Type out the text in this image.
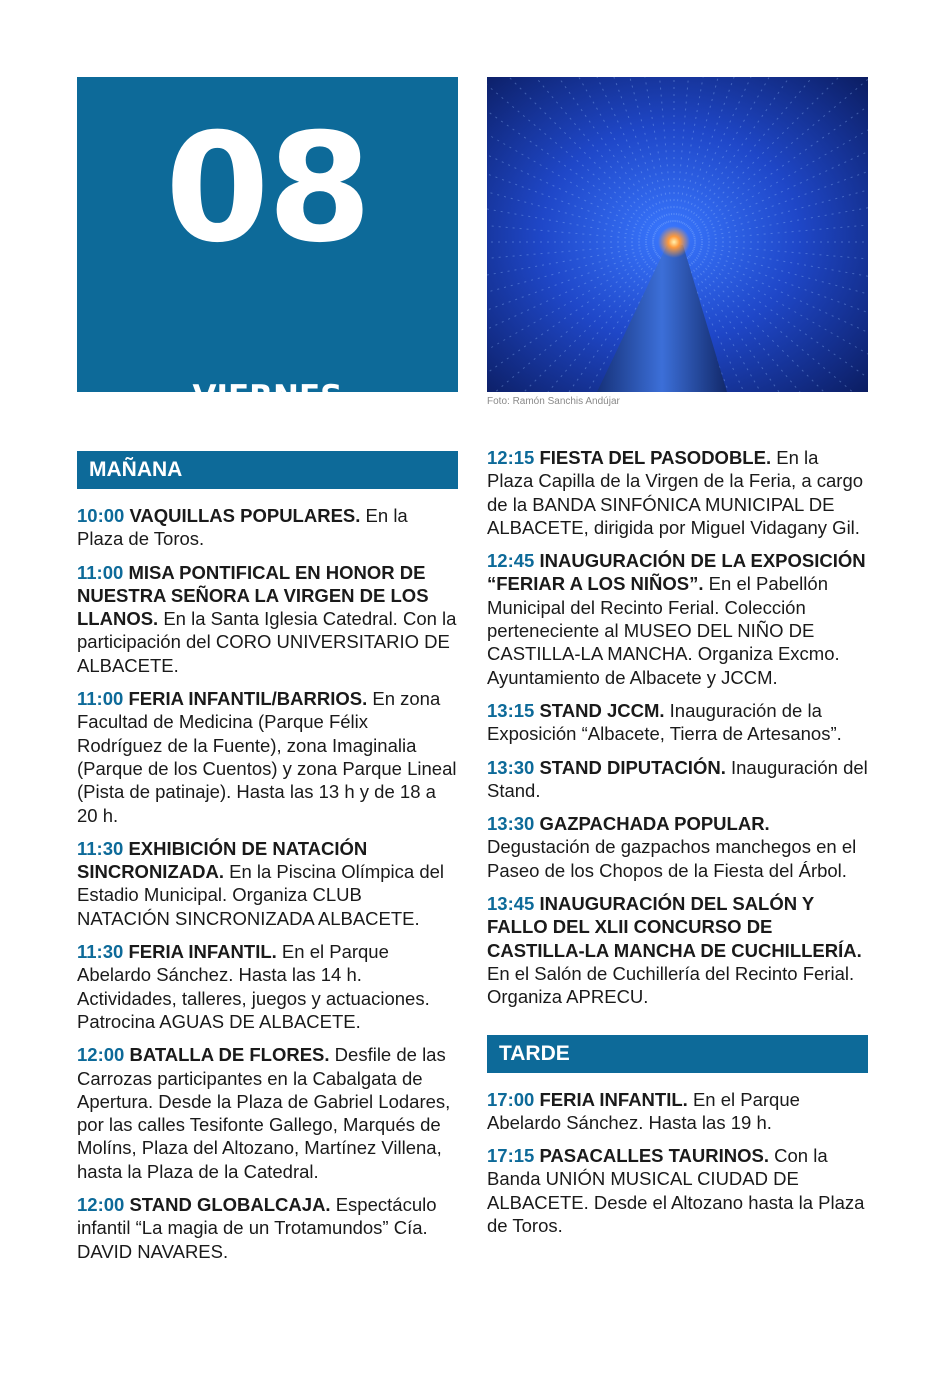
08
— VIERNES —	Foto: Ramón Sanchis Andújar
MAÑANA

10:00 VAQUILLAS POPULARES. En la Plaza de Toros.

11:00 MISA PONTIFICAL EN HONOR DE NUESTRA SEÑORA LA VIRGEN DE LOS LLANOS. En la Santa Iglesia Catedral. Con la participación del CORO UNIVERSITARIO DE ALBACETE.

11:00 FERIA INFANTIL/BARRIOS. En zona Facultad de Medicina (Parque Félix Rodríguez de la Fuente), zona Imaginalia (Parque de los Cuentos) y zona Parque Lineal (Pista de patinaje). Hasta las 13 h y de 18 a 20 h.

11:30 EXHIBICIÓN DE NATACIÓN SINCRONIZADA. En la Piscina Olímpica del Estadio Municipal. Organiza CLUB NATACIÓN SINCRONIZADA ALBACETE.

11:30 FERIA INFANTIL. En el Parque Abelardo Sánchez. Hasta las 14 h. Actividades, talleres, juegos y actuaciones. Patrocina AGUAS DE ALBACETE.

12:00 BATALLA DE FLORES. Desfile de las Carrozas participantes en la Cabalgata de Apertura. Desde la Plaza de Gabriel Lodares, por las calles Tesifonte Gallego, Marqués de Molíns, Plaza del Altozano, Martínez Villena, hasta la Plaza de la Catedral.

12:00 STAND GLOBALCAJA. Espectáculo infantil “La magia de un Trotamundos” Cía. DAVID NAVARES.

12:15 FIESTA DEL PASODOBLE. En la Plaza Capilla de la Virgen de la Feria, a cargo de la BANDA SINFÓNICA MUNICIPAL DE ALBACETE, dirigida por Miguel Vidagany Gil.

12:45 INAUGURACIÓN DE LA EXPOSICIÓN “FERIAR A LOS NIÑOS”. En el Pabellón Municipal del Recinto Ferial. Colección perteneciente al MUSEO DEL NIÑO DE CASTILLA-LA MANCHA. Organiza Excmo. Ayuntamiento de Albacete y JCCM.

13:15 STAND JCCM. Inauguración de la Exposición “Albacete, Tierra de Artesanos”.

13:30 STAND DIPUTACIÓN. Inauguración del Stand.

13:30 GAZPACHADA POPULAR. Degustación de gazpachos manchegos en el Paseo de los Chopos de la Fiesta del Árbol.

13:45 INAUGURACIÓN DEL SALÓN Y FALLO DEL XLII CONCURSO DE CASTILLA-LA MANCHA DE CUCHILLERÍA. En el Salón de Cuchillería del Recinto Ferial. Organiza APRECU.

TARDE

17:00 FERIA INFANTIL. En el Parque Abelardo Sánchez. Hasta las 19 h.

17:15 PASACALLES TAURINOS. Con la Banda UNIÓN MUSICAL CIUDAD DE ALBACETE. Desde el Altozano hasta la Plaza de Toros.
